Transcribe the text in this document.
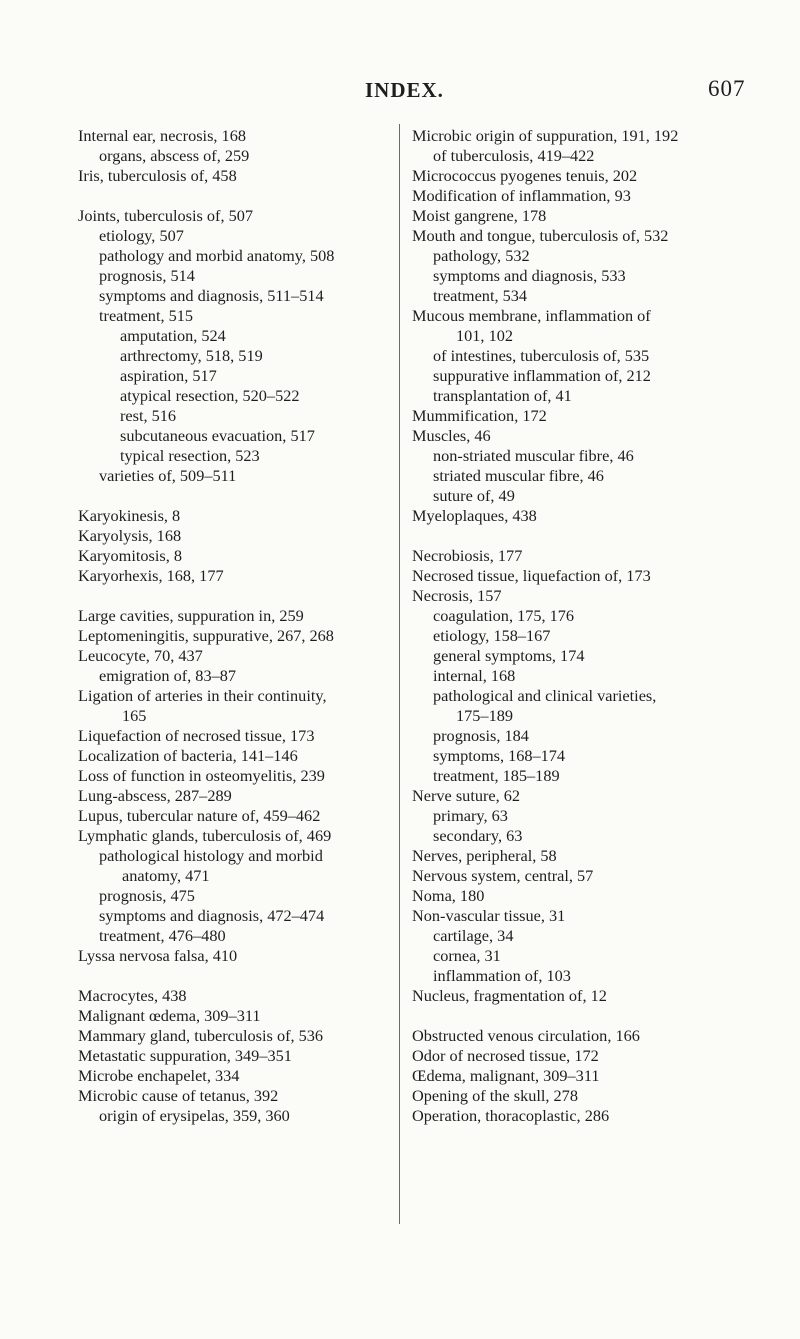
INDEX.	607
Internal ear, necrosis, 168
organs, abscess of, 259
Iris, tuberculosis of, 458
Joints, tuberculosis of, 507
etiology, 507
pathology and morbid anatomy, 508
prognosis, 514
symptoms and diagnosis, 511–514
treatment, 515
amputation, 524
arthrectomy, 518, 519
aspiration, 517
atypical resection, 520–522
rest, 516
subcutaneous evacuation, 517
typical resection, 523
varieties of, 509–511
Karyokinesis, 8
Karyolysis, 168
Karyomitosis, 8
Karyorhexis, 168, 177
Large cavities, suppuration in, 259
Leptomeningitis, suppurative, 267, 268
Leucocyte, 70, 437
emigration of, 83–87
Ligation of arteries in their continuity,
165
Liquefaction of necrosed tissue, 173
Localization of bacteria, 141–146
Loss of function in osteomyelitis, 239
Lung-abscess, 287–289
Lupus, tubercular nature of, 459–462
Lymphatic glands, tuberculosis of, 469
pathological histology and morbid
anatomy, 471
prognosis, 475
symptoms and diagnosis, 472–474
treatment, 476–480
Lyssa nervosa falsa, 410
Macrocytes, 438
Malignant œdema, 309–311
Mammary gland, tuberculosis of, 536
Metastatic suppuration, 349–351
Microbe enchapelet, 334
Microbic cause of tetanus, 392
origin of erysipelas, 359, 360
Microbic origin of suppuration, 191, 192
of tuberculosis, 419–422
Micrococcus pyogenes tenuis, 202
Modification of inflammation, 93
Moist gangrene, 178
Mouth and tongue, tuberculosis of, 532
pathology, 532
symptoms and diagnosis, 533
treatment, 534
Mucous membrane, inflammation of
101, 102
of intestines, tuberculosis of, 535
suppurative inflammation of, 212
transplantation of, 41
Mummification, 172
Muscles, 46
non-striated muscular fibre, 46
striated muscular fibre, 46
suture of, 49
Myeloplaques, 438
Necrobiosis, 177
Necrosed tissue, liquefaction of, 173
Necrosis, 157
coagulation, 175, 176
etiology, 158–167
general symptoms, 174
internal, 168
pathological and clinical varieties,
175–189
prognosis, 184
symptoms, 168–174
treatment, 185–189
Nerve suture, 62
primary, 63
secondary, 63
Nerves, peripheral, 58
Nervous system, central, 57
Noma, 180
Non-vascular tissue, 31
cartilage, 34
cornea, 31
inflammation of, 103
Nucleus, fragmentation of, 12
Obstructed venous circulation, 166
Odor of necrosed tissue, 172
Œdema, malignant, 309–311
Opening of the skull, 278
Operation, thoracoplastic, 286
